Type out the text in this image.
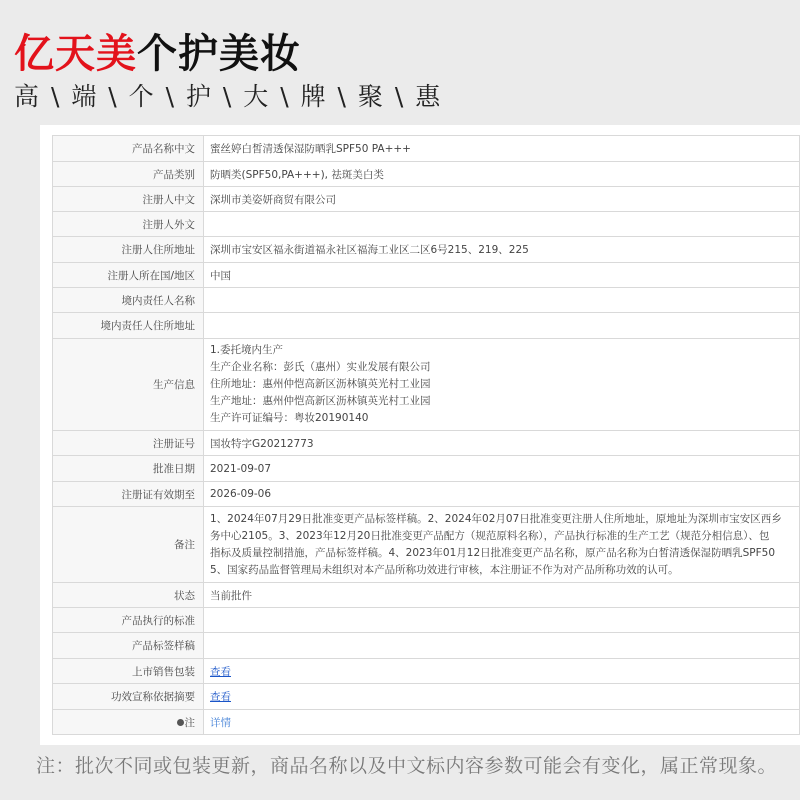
亿天美个护美妆
高 \ 端 \ 个 \ 护 \ 大 \ 牌 \ 聚 \ 惠
产品名称中文	蜜丝婷白皙清透保湿防晒乳SPF50 PA+++
产品类别	防晒类(SPF50,PA+++), 祛斑美白类
注册人中文	深圳市美姿妍商贸有限公司
注册人外文	
注册人住所地址	深圳市宝安区福永街道福永社区福海工业区二区6号215、219、225
注册人所在国/地区	中国
境内责任人名称	
境内责任人住所地址	
生产信息	1.委托境内生产
生产企业名称：彭氏（惠州）实业发展有限公司
住所地址：惠州仲恺高新区沥林镇英光村工业园
生产地址：惠州仲恺高新区沥林镇英光村工业园
生产许可证编号：粤妆20190140

注册证号	国妆特字G20212773
批准日期	2021-09-07
注册证有效期至	2026-09-06
备注	1、2024年07月29日批准变更产品标签样稿。2、2024年02月07日批准变更注册人住所地址，原地址为深圳市宝安区西乡
务中心2105。3、2023年12月20日批准变更产品配方（规范原料名称），产品执行标准的生产工艺（规范分相信息）、包
指标及质量控制措施，产品标签样稿。4、2023年01月12日批准变更产品名称，原产品名称为白皙清透保湿防晒乳SPF50
5、国家药品监督管理局未组织对本产品所称功效进行审核，本注册证不作为对产品所称功效的认可。

状态	当前批件
产品执行的标准	
产品标签样稿	
上市销售包装	查看
功效宣称依据摘要	查看
注	详情
注：批次不同或包装更新，商品名称以及中文标内容参数可能会有变化，属正常现象。
